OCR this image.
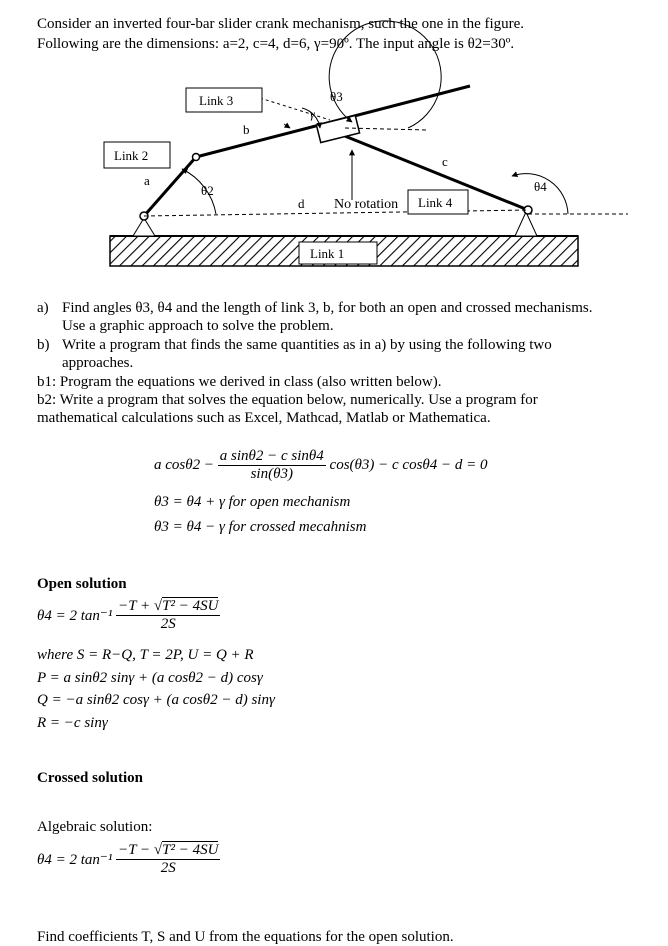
Consider an inverted four-bar slider crank mechanism, such the one in the figure.
Following are the dimensions: a=2, c=4, d=6, γ=90º. The input angle is θ2=30º.
Link 1
Link 3
Link 2
Link 4
a
b
c
d
γ
θ2
θ3
θ4
No rotation
a) Find angles θ3, θ4 and the length of link 3, b, for both an open and crossed mechanisms.
Use a graphic approach to solve the problem.
b) Write a program that finds the same quantities as in a) by using the following two
approaches.
b1: Program the equations we derived in class (also written below).
b2: Write a program that solves the equation below, numerically. Use a program for
mathematical calculations such as Excel, Mathcad, Matlab or Mathematica.
a $\cos\theta 2 - \frac{\text{a sinθ2 − c sinθ4}}{\sin(\theta 3)} \cos(\theta 3) - c$ cosθ4 − d = 0
θ3 = θ4 + γ for open mechanism
θ3 = θ4 − γ for crossed mecahnism
Open solution
θ4 = 2 $\tan^{-1} \frac{\text{−T + √T² − 4SU}}{2S}$
where S = R−Q, T = 2P, U = Q + R
P = a sinθ2 sinγ + (a cosθ2 − d) cosγ
Q = −a sinθ2 cosγ + (a cosθ2 − d) sinγ
R = −c sinγ
Crossed solution
Algebraic solution:
θ4 = 2 $\tan^{-1} \frac{\text{−T − √T² − 4SU}}{2S}$
Find coefficients T, S and U from the equations for the open solution.
